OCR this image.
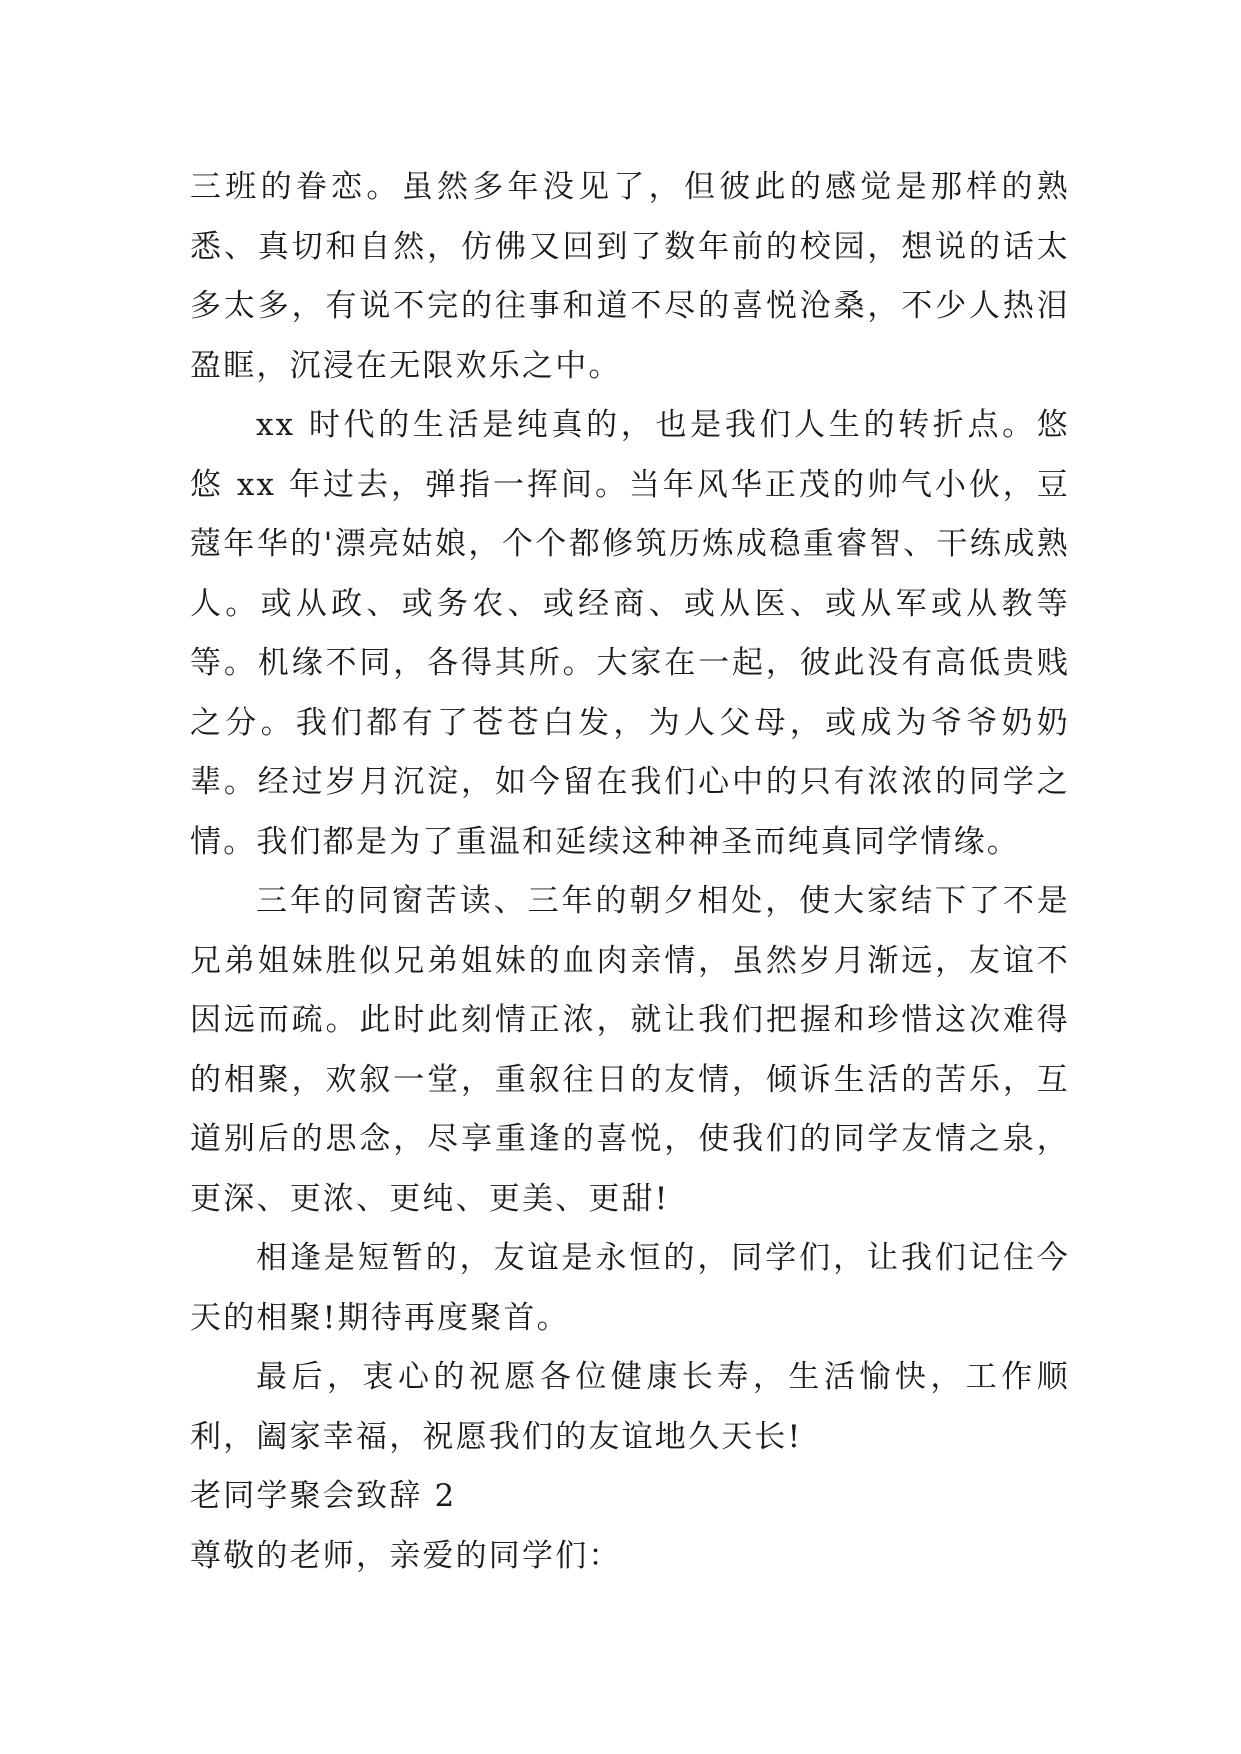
三班的眷恋。虽然多年没见了，但彼此的感觉是那样的熟悉、真切和自然，仿佛又回到了数年前的校园，想说的话太多太多，有说不完的往事和道不尽的喜悦沧桑，不少人热泪盈眶，沉浸在无限欢乐之中。

xx 时代的生活是纯真的，也是我们人生的转折点。悠悠 xx 年过去，弹指一挥间。当年风华正茂的帅气小伙，豆蔻年华的'漂亮姑娘，个个都修筑历炼成稳重睿智、干练成熟人。或从政、或务农、或经商、或从医、或从军或从教等等。机缘不同，各得其所。大家在一起，彼此没有高低贵贱之分。我们都有了苍苍白发，为人父母，或成为爷爷奶奶辈。经过岁月沉淀，如今留在我们心中的只有浓浓的同学之情。我们都是为了重温和延续这种神圣而纯真同学情缘。

三年的同窗苦读、三年的朝夕相处，使大家结下了不是兄弟姐妹胜似兄弟姐妹的血肉亲情，虽然岁月渐远，友谊不因远而疏。此时此刻情正浓，就让我们把握和珍惜这次难得的相聚，欢叙一堂，重叙往日的友情，倾诉生活的苦乐，互道别后的思念，尽享重逢的喜悦，使我们的同学友情之泉，更深、更浓、更纯、更美、更甜!

相逢是短暂的，友谊是永恒的，同学们，让我们记住今天的相聚!期待再度聚首。

最后，衷心的祝愿各位健康长寿，生活愉快，工作顺利，阖家幸福，祝愿我们的友谊地久天长!

老同学聚会致辞 2

尊敬的老师，亲爱的同学们：
